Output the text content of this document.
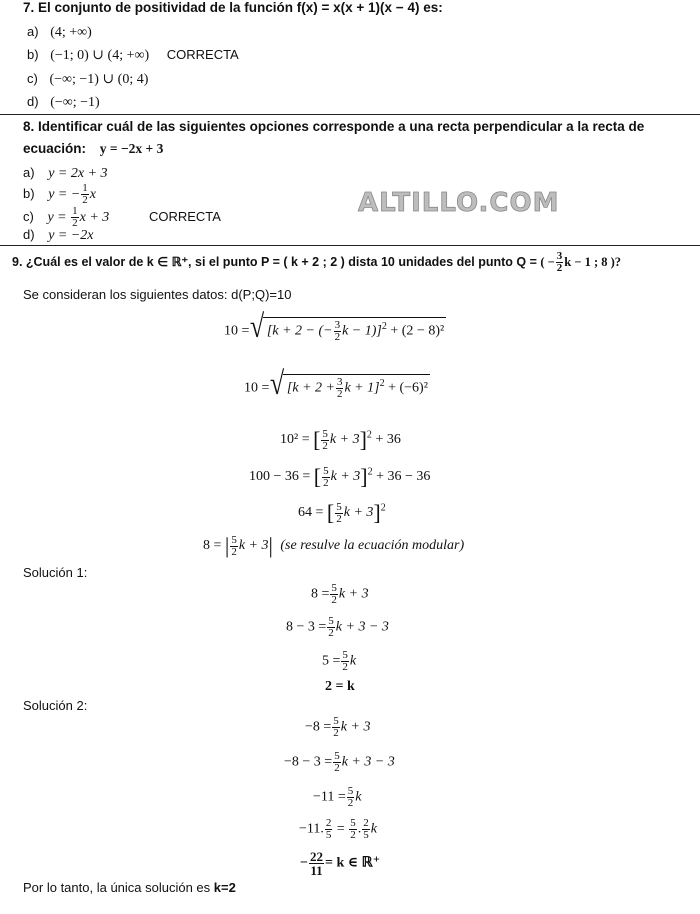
7. El conjunto de positividad de la función f(x) = x(x + 1)(x − 4) es:
a) (4; +∞)
b) (−1; 0) ∪ (4; +∞) CORRECTA
c) (−∞; −1) ∪ (0; 4)
d) (−∞; −1)
8. Identificar cuál de las siguientes opciones corresponde a una recta perpendicular a la recta de
ecuación: y = −2x + 3
a) y = 2x + 3
b) y = − $\frac{1}{2}$ x
c) $y = \frac{1}{2}$ x + 3	CORRECTA
d) y = −2x
ALTILLO.COM
9. ¿Cuál es el valor de k ∈ ℝ⁺, si el punto P = ( k + 2 ; 2 ) dista 10 unidades del punto Q = ( − $\frac{3}{2}$ k − 1 ; 8 )?
Se consideran los siguientes datos: d(P;Q)=10
10 = √ [k + 2 − (− $\frac{3}{2}$ k − 1)]$^2$ + (2 − 8)²
10 = √ [$k + 2 + \frac{3}{2}$ $k + 1]^2 + (-6)^2$
10² = [ $\frac{5}{2}$ k + 3]$^2$ + 36
100 − 36 = [ $\frac{5}{2}$ k + 3]$^2$ + 36 − 36
64 = [ $\frac{5}{2}$ k + 3]$^2$
8 = | $\frac{5}{2}$ k + 3| (se resulve la ecuación modular)
Solución 1:
$8 = \frac{5}{2}$ k + 3
$8 - 3 = \frac{5}{2}$ k + 3 − 3
$5 = \frac{5}{2}$ k
2 = k
Solución 2:
$-8 = \frac{5}{2}$ k + 3
$-8 - 3 = \frac{5}{2}$ k + 3 − 3
$-11 = \frac{5}{2}$ k
−11. $\frac{2}{5} = \frac{5}{2}$ . $\frac{2}{5}$ k
− $\frac{22}{11} = k$ ∈ ℝ⁺
Por lo tanto, la única solución es k=2
